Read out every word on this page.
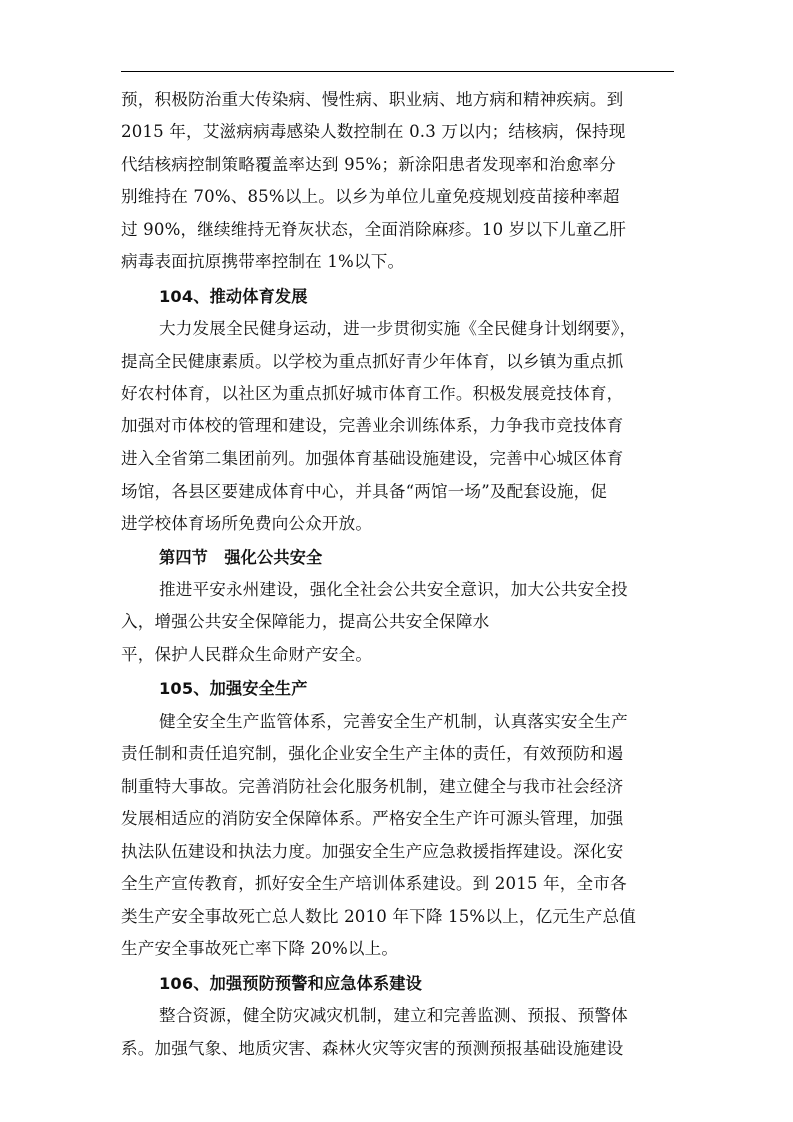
预，积极防治重大传染病、慢性病、职业病、地方病和精神疾病。到
2015 年，艾滋病病毒感染人数控制在 0.3 万以内；结核病，保持现
代结核病控制策略覆盖率达到 95%；新涂阳患者发现率和治愈率分
别维持在 70%、85%以上。以乡为单位儿童免疫规划疫苗接种率超
过 90%，继续维持无脊灰状态，全面消除麻疹。10 岁以下儿童乙肝
病毒表面抗原携带率控制在 1%以下。
104、推动体育发展
大力发展全民健身运动，进一步贯彻实施《全民健身计划纲要》，
提高全民健康素质。以学校为重点抓好青少年体育，以乡镇为重点抓
好农村体育，以社区为重点抓好城市体育工作。积极发展竞技体育，
加强对市体校的管理和建设，完善业余训练体系，力争我市竞技体育
进入全省第二集团前列。加强体育基础设施建设，完善中心城区体育
场馆，各县区要建成体育中心，并具备“两馆一场”及配套设施，促
进学校体育场所免费向公众开放。
第四节　强化公共安全
推进平安永州建设，强化全社会公共安全意识，加大公共安全投
入，增强公共安全保障能力，提高公共安全保障水
平，保护人民群众生命财产安全。
105、加强安全生产
健全安全生产监管体系，完善安全生产机制，认真落实安全生产
责任制和责任追究制，强化企业安全生产主体的责任，有效预防和遏
制重特大事故。完善消防社会化服务机制，建立健全与我市社会经济
发展相适应的消防安全保障体系。严格安全生产许可源头管理，加强
执法队伍建设和执法力度。加强安全生产应急救援指挥建设。深化安
全生产宣传教育，抓好安全生产培训体系建设。到 2015 年，全市各
类生产安全事故死亡总人数比 2010 年下降 15%以上，亿元生产总值
生产安全事故死亡率下降 20%以上。
106、加强预防预警和应急体系建设
整合资源，健全防灾减灾机制，建立和完善监测、预报、预警体
系。加强气象、地质灾害、森林火灾等灾害的预测预报基础设施建设
